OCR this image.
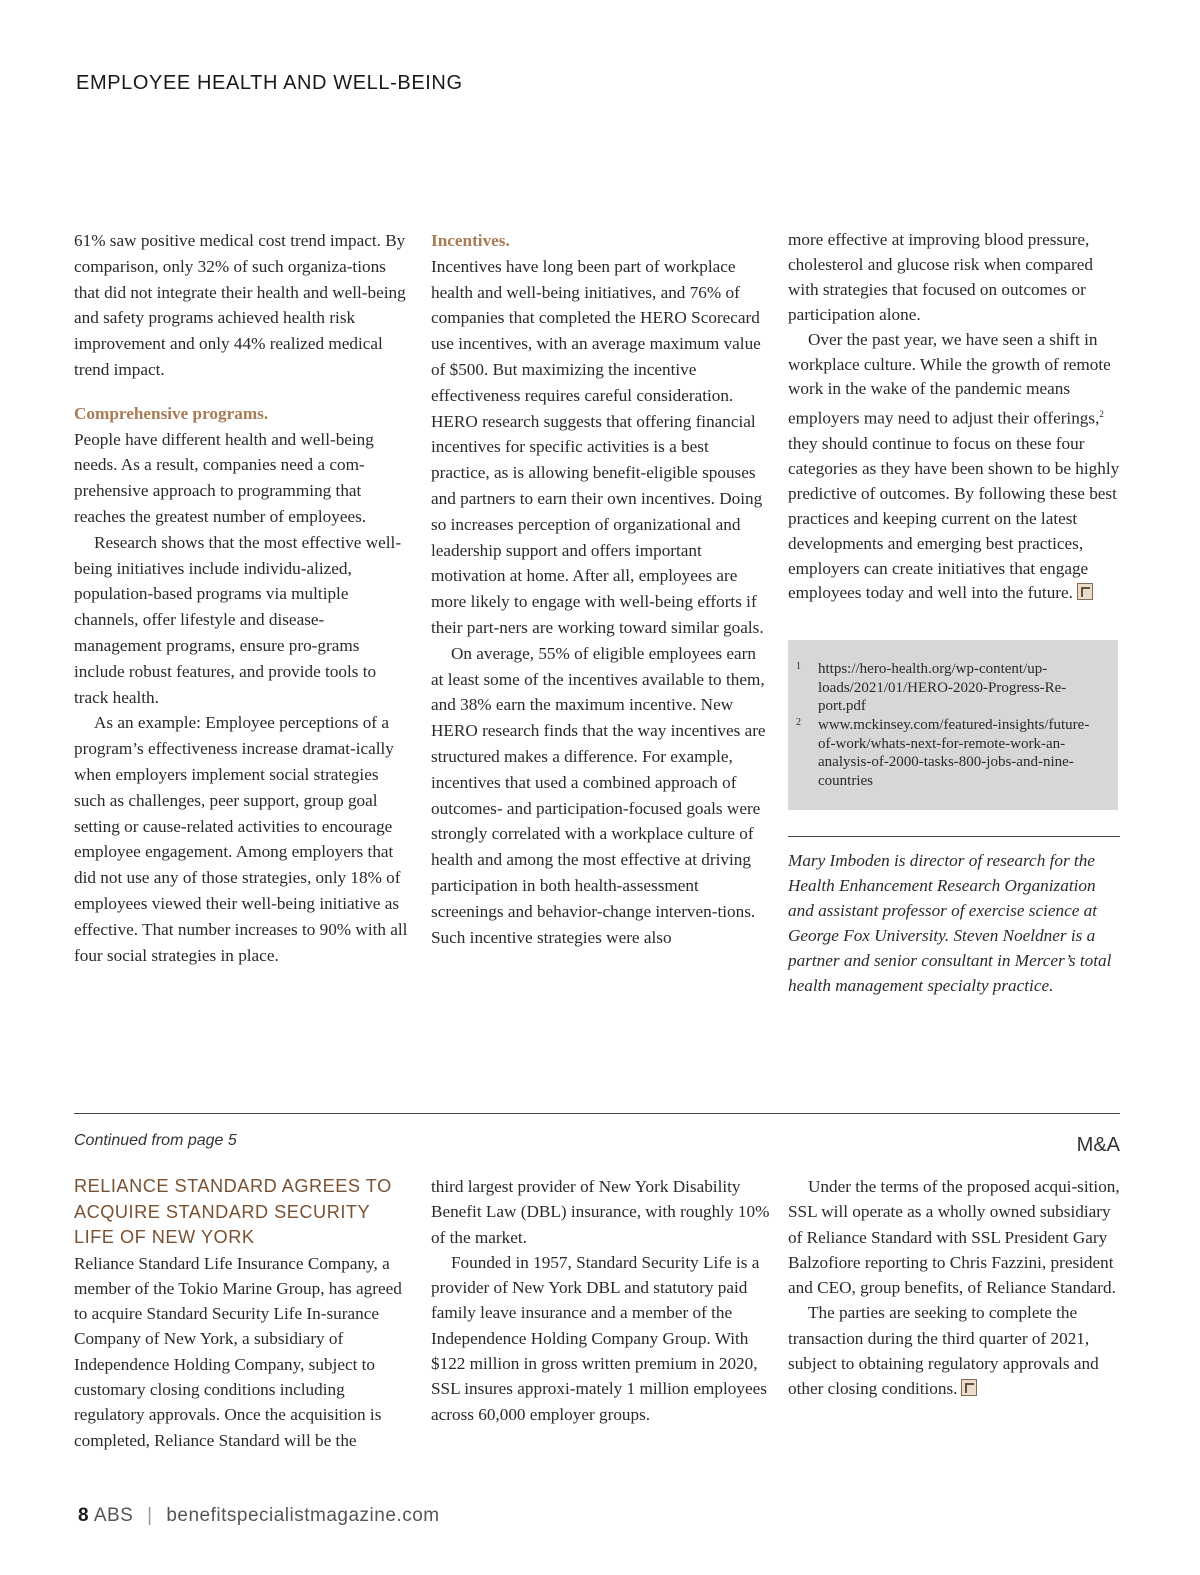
EMPLOYEE HEALTH AND WELL-BEING

61% saw positive medical cost trend impact. By comparison, only 32% of such organiza-tions that did not integrate their health and well-being and safety programs achieved health risk improvement and only 44% realized medical trend impact.

Comprehensive programs.

People have different health and well-being needs. As a result, companies need a com-prehensive approach to programming that reaches the greatest number of employees.

Research shows that the most effective well-being initiatives include individu-alized, population-based programs via multiple channels, offer lifestyle and disease-management programs, ensure pro-grams include robust features, and provide tools to track health.

As an example: Employee perceptions of a program’s effectiveness increase dramat-ically when employers implement social strategies such as challenges, peer support, group goal setting or cause-related activities to encourage employee engagement. Among employers that did not use any of those strategies, only 18% of employees viewed their well-being initiative as effective. That number increases to 90% with all four social strategies in place.

Incentives.

Incentives have long been part of workplace health and well-being initiatives, and 76% of companies that completed the HERO Scorecard use incentives, with an average maximum value of $500. But maximizing the incentive effectiveness requires careful consideration. HERO research suggests that offering financial incentives for specific activities is a best practice, as is allowing benefit-eligible spouses and partners to earn their own incentives. Doing so increases perception of organizational and leadership support and offers important motivation at home. After all, employees are more likely to engage with well-being efforts if their part-ners are working toward similar goals.

On average, 55% of eligible employees earn at least some of the incentives available to them, and 38% earn the maximum incentive. New HERO research finds that the way incentives are structured makes a difference. For example, incentives that used a combined approach of outcomes- and participation-focused goals were strongly correlated with a workplace culture of health and among the most effective at driving participation in both health-assessment screenings and behavior-change interven-tions. Such incentive strategies were also

more effective at improving blood pressure, cholesterol and glucose risk when compared with strategies that focused on outcomes or participation alone.

Over the past year, we have seen a shift in workplace culture. While the growth of remote work in the wake of the pandemic means employers may need to adjust their offerings,$^2$ they should continue to focus on these four categories as they have been shown to be highly predictive of outcomes. By following these best practices and keeping current on the latest developments and emerging best practices, employers can create initiatives that engage employees today and well into the future.

1 https://hero-health.org/wp-content/up-loads/2021/01/HERO-2020-Progress-Re-port.pdf
2 www.mckinsey.com/featured-insights/future-of-work/whats-next-for-remote-work-an-analysis-of-2000-tasks-800-jobs-and-nine-countries
Mary Imboden is director of research for the Health Enhancement Research Organization and assistant professor of exercise science at George Fox University. Steven Noeldner is a partner and senior consultant in Mercer’s total health management specialty practice.
Continued from page 5	M&A

RELIANCE STANDARD AGREES TO ACQUIRE STANDARD SECURITY LIFE OF NEW YORK

Reliance Standard Life Insurance Company, a member of the Tokio Marine Group, has agreed to acquire Standard Security Life In-surance Company of New York, a subsidiary of Independence Holding Company, subject to customary closing conditions including regulatory approvals. Once the acquisition is completed, Reliance Standard will be the

third largest provider of New York Disability Benefit Law (DBL) insurance, with roughly 10% of the market.

Founded in 1957, Standard Security Life is a provider of New York DBL and statutory paid family leave insurance and a member of the Independence Holding Company Group. With $122 million in gross written premium in 2020, SSL insures approxi-mately 1 million employees across 60,000 employer groups.

Under the terms of the proposed acqui-sition, SSL will operate as a wholly owned subsidiary of Reliance Standard with SSL President Gary Balzofiore reporting to Chris Fazzini, president and CEO, group benefits, of Reliance Standard.

The parties are seeking to complete the transaction during the third quarter of 2021, subject to obtaining regulatory approvals and other closing conditions.

8 ABS | benefitspecialistmagazine.com
